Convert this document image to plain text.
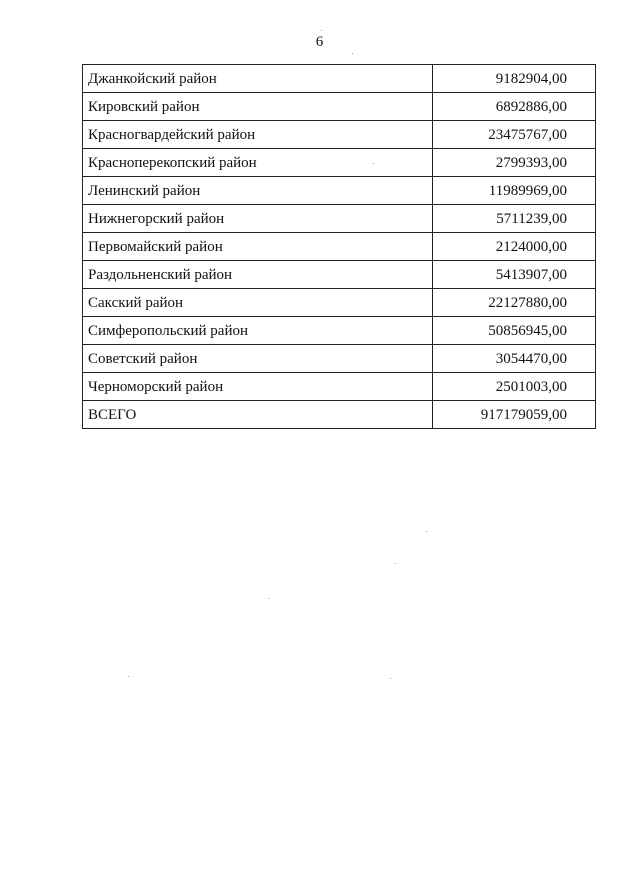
6
Джанкойский район	9182904,00
Кировский район	6892886,00
Красногвардейский район	23475767,00
Красноперекопский район	2799393,00
Ленинский район	11989969,00
Нижнегорский район	5711239,00
Первомайский район	2124000,00
Раздольненский район	5413907,00
Сакский район	22127880,00
Симферопольский район	50856945,00
Советский район	3054470,00
Черноморский район	2501003,00
ВСЕГО	917179059,00
